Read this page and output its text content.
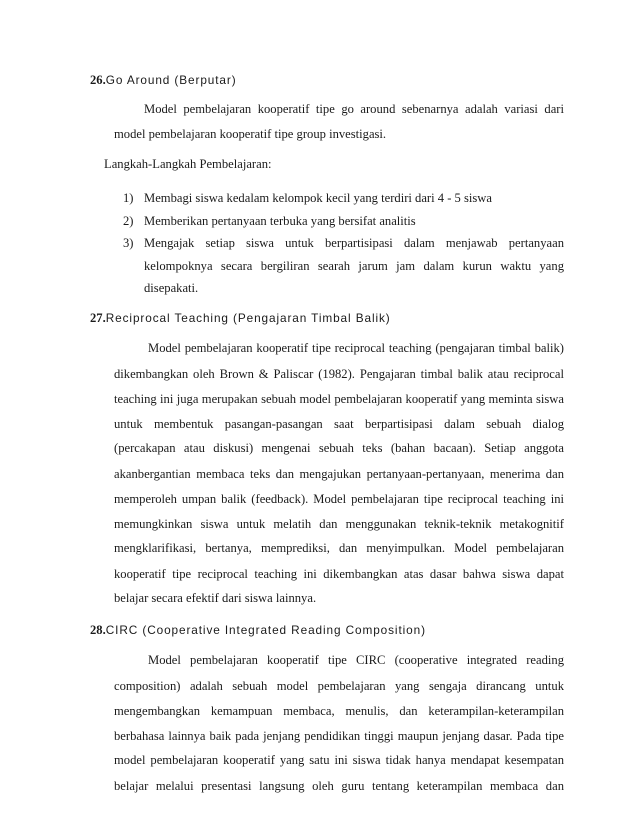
26.Go Around (Berputar)
Model pembelajaran kooperatif tipe go around sebenarnya adalah variasi dari
model pembelajaran kooperatif tipe group investigasi.
Langkah-Langkah Pembelajaran:
1) Membagi siswa kedalam kelompok kecil yang terdiri dari 4 - 5 siswa
2) Memberikan pertanyaan terbuka yang bersifat analitis
3) Mengajak setiap siswa untuk berpartisipasi dalam menjawab pertanyaan
kelompoknya secara bergiliran searah jarum jam dalam kurun waktu yang
disepakati.
27.Reciprocal Teaching (Pengajaran Timbal Balik)
Model pembelajaran kooperatif tipe reciprocal teaching (pengajaran timbal balik)
dikembangkan oleh Brown & Paliscar (1982). Pengajaran timbal balik atau reciprocal
teaching ini juga merupakan sebuah model pembelajaran kooperatif yang meminta siswa
untuk membentuk pasangan-pasangan saat berpartisipasi dalam sebuah dialog
(percakapan atau diskusi) mengenai sebuah teks (bahan bacaan). Setiap anggota
akanbergantian membaca teks dan mengajukan pertanyaan-pertanyaan, menerima dan
memperoleh umpan balik (feedback). Model pembelajaran tipe reciprocal teaching ini
memungkinkan siswa untuk melatih dan menggunakan teknik-teknik metakognitif
mengklarifikasi, bertanya, memprediksi, dan menyimpulkan. Model pembelajaran
kooperatif tipe reciprocal teaching ini dikembangkan atas dasar bahwa siswa dapat
belajar secara efektif dari siswa lainnya.
28.CIRC (Cooperative Integrated Reading Composition)
Model pembelajaran kooperatif tipe CIRC (cooperative integrated reading
composition) adalah sebuah model pembelajaran yang sengaja dirancang untuk
mengembangkan kemampuan membaca, menulis, dan keterampilan-keterampilan
berbahasa lainnya baik pada jenjang pendidikan tinggi maupun jenjang dasar. Pada tipe
model pembelajaran kooperatif yang satu ini siswa tidak hanya mendapat kesempatan
belajar melalui presentasi langsung oleh guru tentang keterampilan membaca dan
